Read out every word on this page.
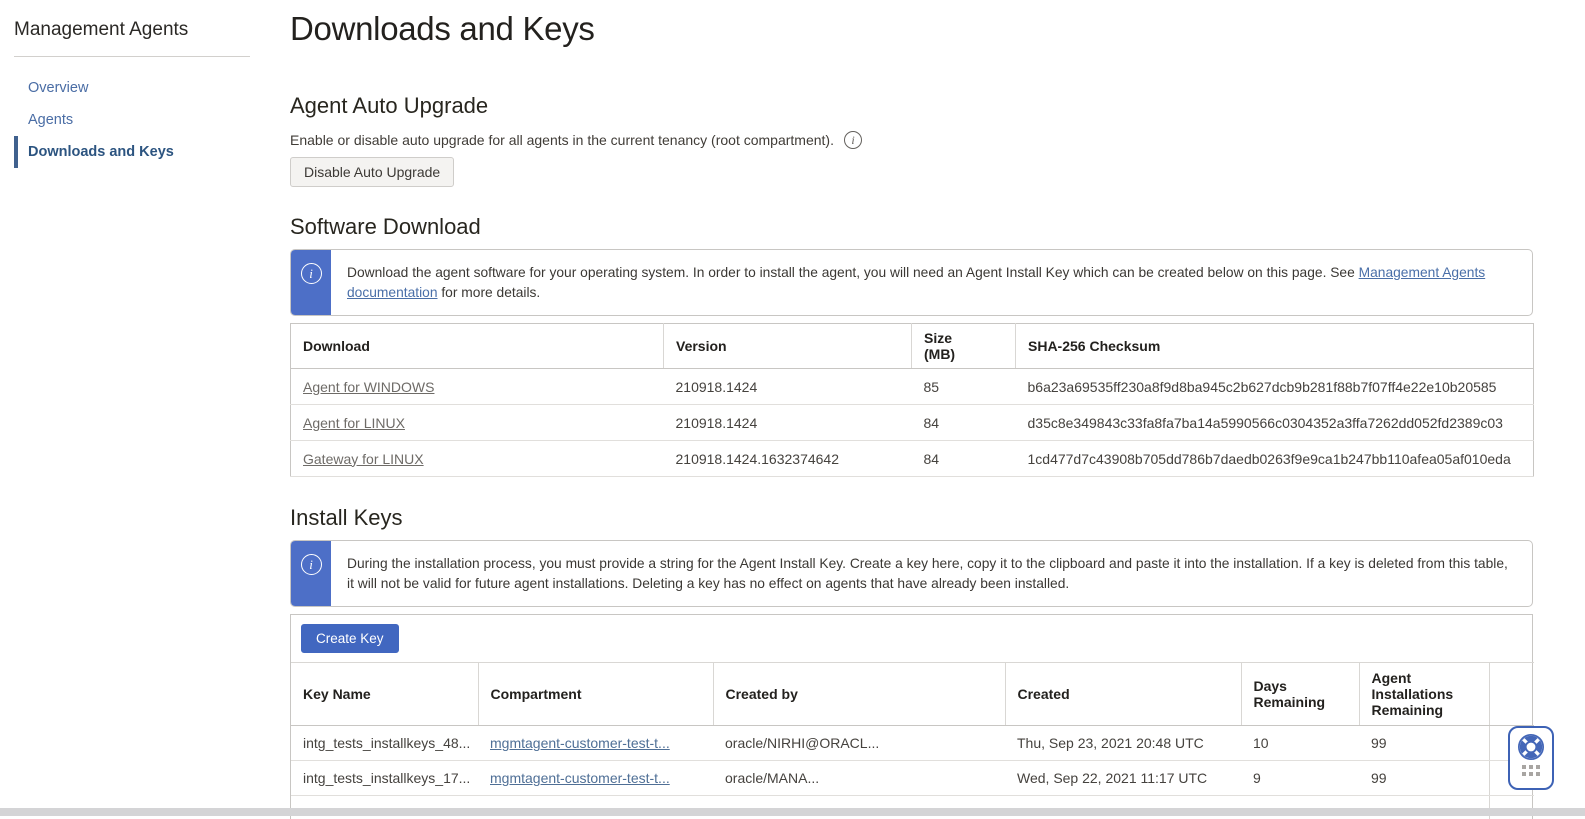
Management Agents
Overview
Agents
Downloads and Keys
Downloads and Keys
Agent Auto Upgrade
Enable or disable auto upgrade for all agents in the current tenancy (root compartment).	i
Disable Auto Upgrade
Software Download
i	Download the agent software for your operating system. In order to install the agent, you will need an Agent Install Key which can be created below on this page. See Management Agents documentation for more details.
Download	Version	Size (MB)	SHA-256 Checksum
Agent for WINDOWS	210918.1424	85	b6a23a69535ff230a8f9d8ba945c2b627dcb9b281f88b7f07ff4e22e10b20585
Agent for LINUX	210918.1424	84	d35c8e349843c33fa8fa7ba14a5990566c0304352a3ffa7262dd052fd2389c03
Gateway for LINUX	210918.1424.1632374642	84	1cd477d7c43908b705dd786b7daedb0263f9e9ca1b247bb110afea05af010eda
Install Keys
i	During the installation process, you must provide a string for the Agent Install Key. Create a key here, copy it to the clipboard and paste it into the installation. If a key is deleted from this table, it will not be valid for future agent installations. Deleting a key has no effect on agents that have already been installed.
Create Key
Key Name	Compartment	Created by	Created	Days Remaining	Agent Installations Remaining	
intg_tests_installkeys_48...	mgmtagent-customer-test-t...	oracle/NIRHI@ORACL...	Thu, Sep 23, 2021 20:48 UTC	10	99	
intg_tests_installkeys_17...	mgmtagent-customer-test-t...	oracle/MANA...	Wed, Sep 22, 2021 11:17 UTC	9	99	
